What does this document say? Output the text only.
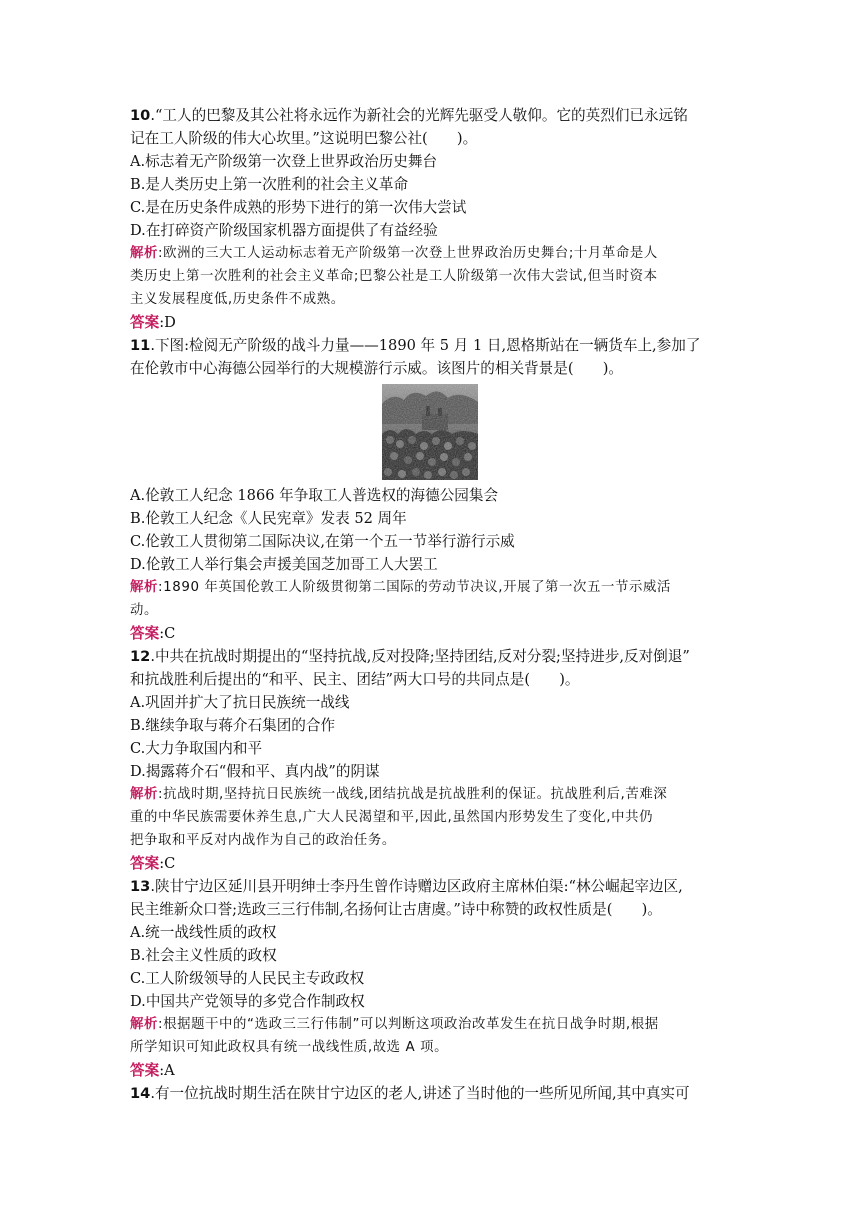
10.“工人的巴黎及其公社将永远作为新社会的光辉先驱受人敬仰。它的英烈们已永远铭
记在工人阶级的伟大心坎里。”这说明巴黎公社(　　)。
A.标志着无产阶级第一次登上世界政治历史舞台
B.是人类历史上第一次胜利的社会主义革命
C.是在历史条件成熟的形势下进行的第一次伟大尝试
D.在打碎资产阶级国家机器方面提供了有益经验
解析:欧洲的三大工人运动标志着无产阶级第一次登上世界政治历史舞台;十月革命是人
类历史上第一次胜利的社会主义革命;巴黎公社是工人阶级第一次伟大尝试,但当时资本
主义发展程度低,历史条件不成熟。
答案:D
11.下图:检阅无产阶级的战斗力量——1890 年 5 月 1 日,恩格斯站在一辆货车上,参加了
在伦敦市中心海德公园举行的大规模游行示威。该图片的相关背景是(　　)。
A.伦敦工人纪念 1866 年争取工人普选权的海德公园集会
B.伦敦工人纪念《人民宪章》发表 52 周年
C.伦敦工人贯彻第二国际决议,在第一个五一节举行游行示威
D.伦敦工人举行集会声援美国芝加哥工人大罢工
解析:1890 年英国伦敦工人阶级贯彻第二国际的劳动节决议,开展了第一次五一节示威活
动。
答案:C
12.中共在抗战时期提出的“坚持抗战,反对投降;坚持团结,反对分裂;坚持进步,反对倒退”
和抗战胜利后提出的“和平、民主、团结”两大口号的共同点是(　　)。
A.巩固并扩大了抗日民族统一战线
B.继续争取与蒋介石集团的合作
C.大力争取国内和平
D.揭露蒋介石“假和平、真内战”的阴谋
解析:抗战时期,坚持抗日民族统一战线,团结抗战是抗战胜利的保证。抗战胜利后,苦难深
重的中华民族需要休养生息,广大人民渴望和平,因此,虽然国内形势发生了变化,中共仍
把争取和平反对内战作为自己的政治任务。
答案:C
13.陕甘宁边区延川县开明绅士李丹生曾作诗赠边区政府主席林伯渠:“林公崛起宰边区,
民主维新众口誉;选政三三行伟制,名扬何让古唐虞。”诗中称赞的政权性质是(　　)。
A.统一战线性质的政权
B.社会主义性质的政权
C.工人阶级领导的人民民主专政政权
D.中国共产党领导的多党合作制政权
解析:根据题干中的“选政三三行伟制”可以判断这项政治改革发生在抗日战争时期,根据
所学知识可知此政权具有统一战线性质,故选 A 项。
答案:A
14.有一位抗战时期生活在陕甘宁边区的老人,讲述了当时他的一些所见所闻,其中真实可
